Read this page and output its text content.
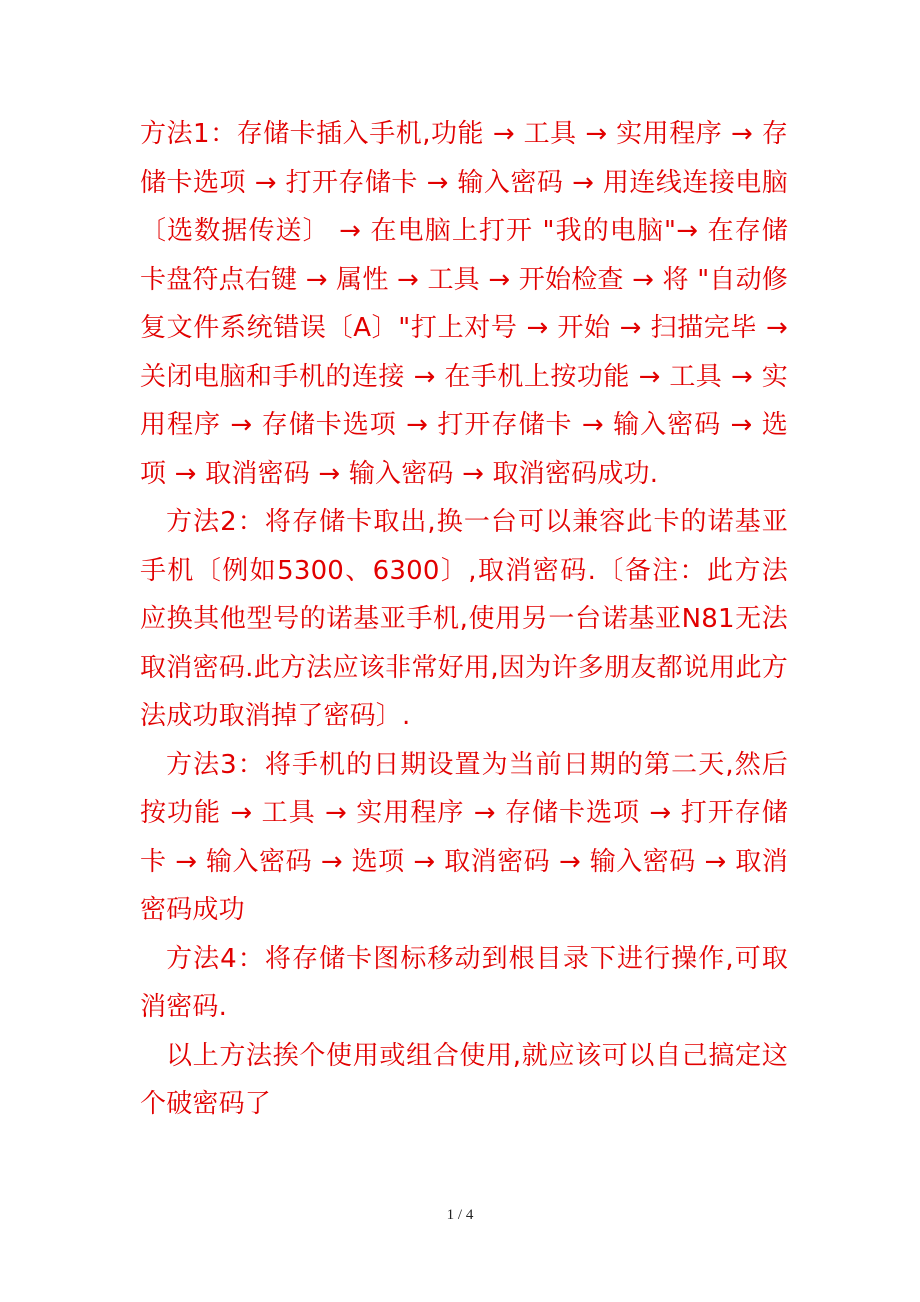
方法1：存储卡插入手机,功能 → 工具 → 实用程序 → 存储卡选项 → 打开存储卡 → 输入密码 → 用连线连接电脑〔选数据传送〕 → 在电脑上打开 "我的电脑"→ 在存储卡盘符点右键 → 属性 → 工具 → 开始检查 → 将 "自动修复文件系统错误〔A〕"打上对号 → 开始 → 扫描完毕 → 关闭电脑和手机的连接 → 在手机上按功能 → 工具 → 实用程序 → 存储卡选项 → 打开存储卡 → 输入密码 → 选项 → 取消密码 → 输入密码 → 取消密码成功.

方法2：将存储卡取出,换一台可以兼容此卡的诺基亚手机〔例如5300、6300〕,取消密码.〔备注：此方法应换其他型号的诺基亚手机,使用另一台诺基亚N81无法取消密码.此方法应该非常好用,因为许多朋友都说用此方法成功取消掉了密码〕.

方法3：将手机的日期设置为当前日期的第二天,然后按功能 → 工具 → 实用程序 → 存储卡选项 → 打开存储卡 → 输入密码 → 选项 → 取消密码 → 输入密码 → 取消密码成功

方法4：将存储卡图标移动到根目录下进行操作,可取消密码.

以上方法挨个使用或组合使用,就应该可以自己搞定这个破密码了

1 / 4
